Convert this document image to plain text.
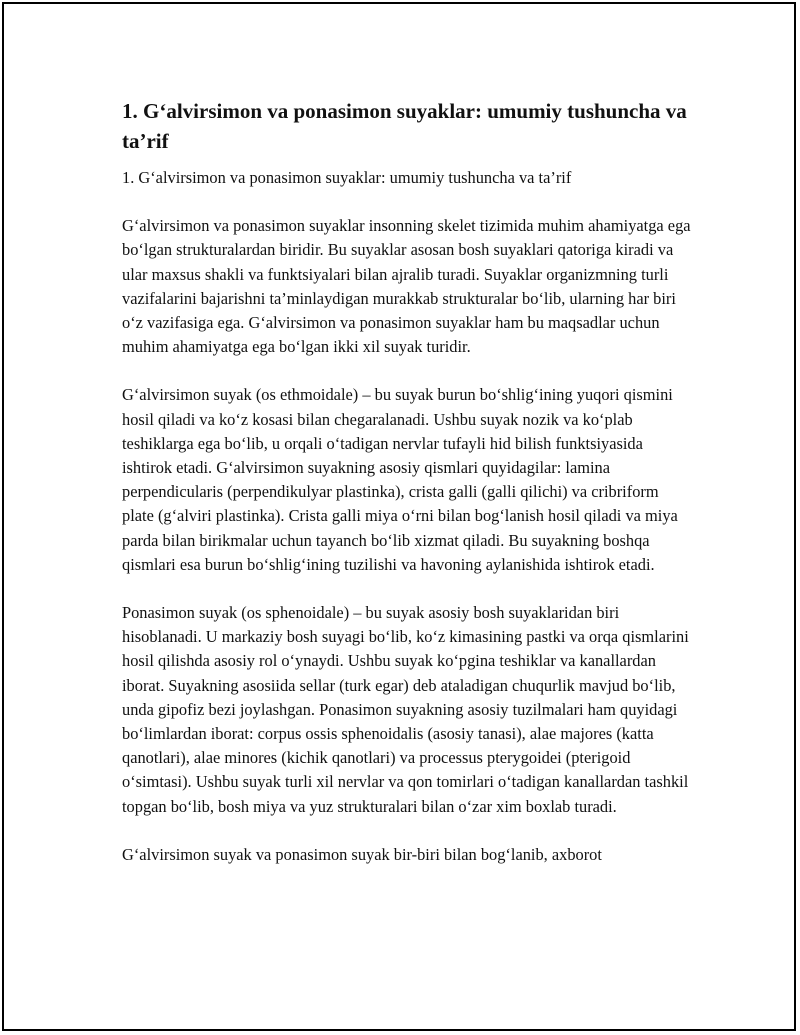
1. G‘alvirsimon va ponasimon suyaklar: umumiy tushuncha va ta’rif

1. G‘alvirsimon va ponasimon suyaklar: umumiy tushuncha va ta’rif

G‘alvirsimon va ponasimon suyaklar insonning skelet tizimida muhim ahamiyatga ega bo‘lgan strukturalardan biridir. Bu suyaklar asosan bosh suyaklari qatoriga kiradi va ular maxsus shakli va funktsiyalari bilan ajralib turadi. Suyaklar organizmning turli vazifalarini bajarishni ta’minlaydigan murakkab strukturalar bo‘lib, ularning har biri o‘z vazifasiga ega. G‘alvirsimon va ponasimon suyaklar ham bu maqsadlar uchun muhim ahamiyatga ega bo‘lgan ikki xil suyak turidir.

G‘alvirsimon suyak (os ethmoidale) – bu suyak burun bo‘shlig‘ining yuqori qismini hosil qiladi va ko‘z kosasi bilan chegaralanadi. Ushbu suyak nozik va ko‘plab teshiklarga ega bo‘lib, u orqali o‘tadigan nervlar tufayli hid bilish funktsiyasida ishtirok etadi. G‘alvirsimon suyakning asosiy qismlari quyidagilar: lamina perpendicularis (perpendikulyar plastinka), crista galli (galli qilichi) va cribriform plate (g‘alviri plastinka). Crista galli miya o‘rni bilan bog‘lanish hosil qiladi va miya parda bilan birikmalar uchun tayanch bo‘lib xizmat qiladi. Bu suyakning boshqa qismlari esa burun bo‘shlig‘ining tuzilishi va havoning aylanishida ishtirok etadi.

Ponasimon suyak (os sphenoidale) – bu suyak asosiy bosh suyaklaridan biri hisoblanadi. U markaziy bosh suyagi bo‘lib, ko‘z kimasining pastki va orqa qismlarini hosil qilishda asosiy rol o‘ynaydi. Ushbu suyak ko‘pgina teshiklar va kanallardan iborat. Suyakning asosiida sellar (turk egar) deb ataladigan chuqurlik mavjud bo‘lib, unda gipofiz bezi joylashgan. Ponasimon suyakning asosiy tuzilmalari ham quyidagi bo‘limlardan iborat: corpus ossis sphenoidalis (asosiy tanasi), alae majores (katta qanotlari), alae minores (kichik qanotlari) va processus pterygoidei (pterigoid o‘simtasi). Ushbu suyak turli xil nervlar va qon tomirlari o‘tadigan kanallardan tashkil topgan bo‘lib, bosh miya va yuz strukturalari bilan o‘zar xim boxlab turadi.

G‘alvirsimon suyak va ponasimon suyak bir-biri bilan bog‘lanib, axborot
